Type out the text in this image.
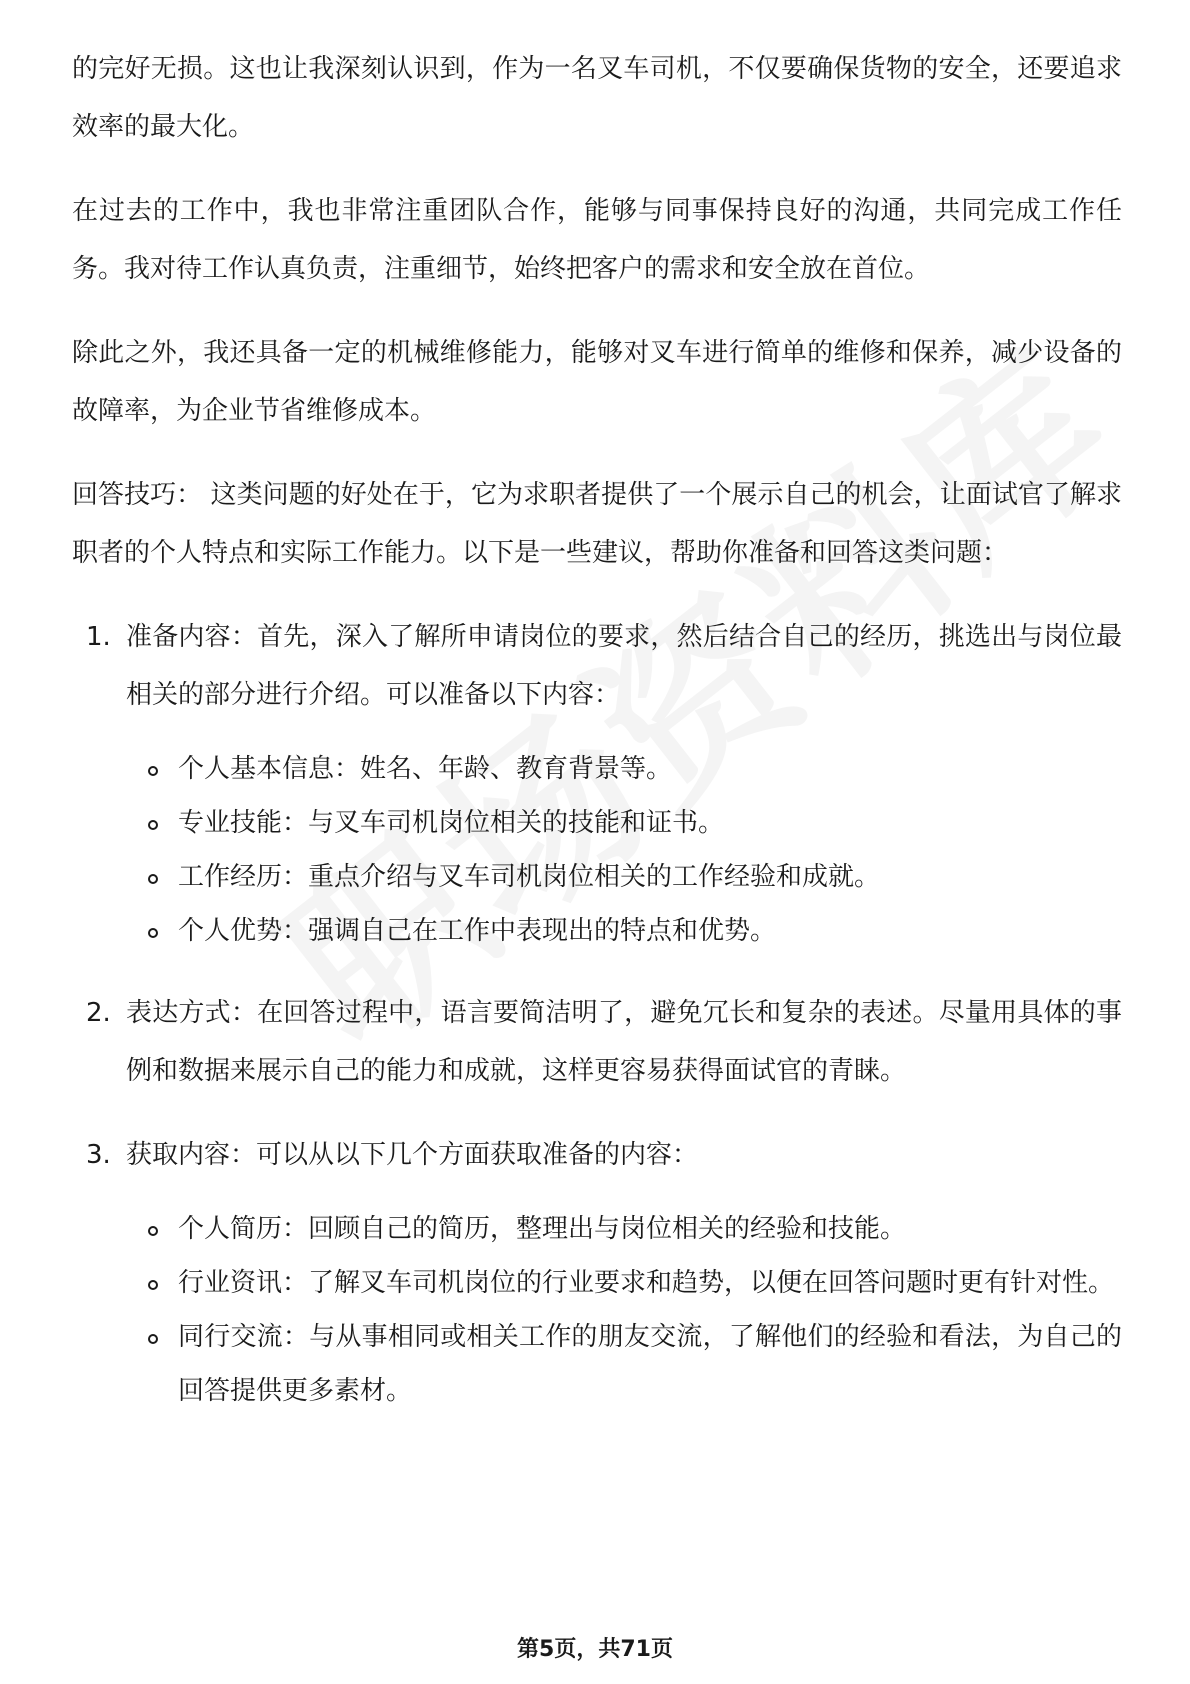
的完好无损。这也让我深刻认识到，作为一名叉车司机，不仅要确保货物的安全，还要追求效率的最大化。

在过去的工作中，我也非常注重团队合作，能够与同事保持良好的沟通，共同完成工作任务。我对待工作认真负责，注重细节，始终把客户的需求和安全放在首位。

除此之外，我还具备一定的机械维修能力，能够对叉车进行简单的维修和保养，减少设备的故障率，为企业节省维修成本。

回答技巧： 这类问题的好处在于，它为求职者提供了一个展示自己的机会，让面试官了解求职者的个人特点和实际工作能力。以下是一些建议，帮助你准备和回答这类问题：

1. 准备内容：首先，深入了解所申请岗位的要求，然后结合自己的经历，挑选出与岗位最相关的部分进行介绍。可以准备以下内容：

个人基本信息：姓名、年龄、教育背景等。

专业技能：与叉车司机岗位相关的技能和证书。

工作经历：重点介绍与叉车司机岗位相关的工作经验和成就。

个人优势：强调自己在工作中表现出的特点和优势。

2. 表达方式：在回答过程中，语言要简洁明了，避免冗长和复杂的表述。尽量用具体的事例和数据来展示自己的能力和成就，这样更容易获得面试官的青睐。

3. 获取内容：可以从以下几个方面获取准备的内容：

个人简历：回顾自己的简历，整理出与岗位相关的经验和技能。

行业资讯：了解叉车司机岗位的行业要求和趋势，以便在回答问题时更有针对性。

同行交流：与从事相同或相关工作的朋友交流，了解他们的经验和看法，为自己的回答提供更多素材。

第5页，共71页
